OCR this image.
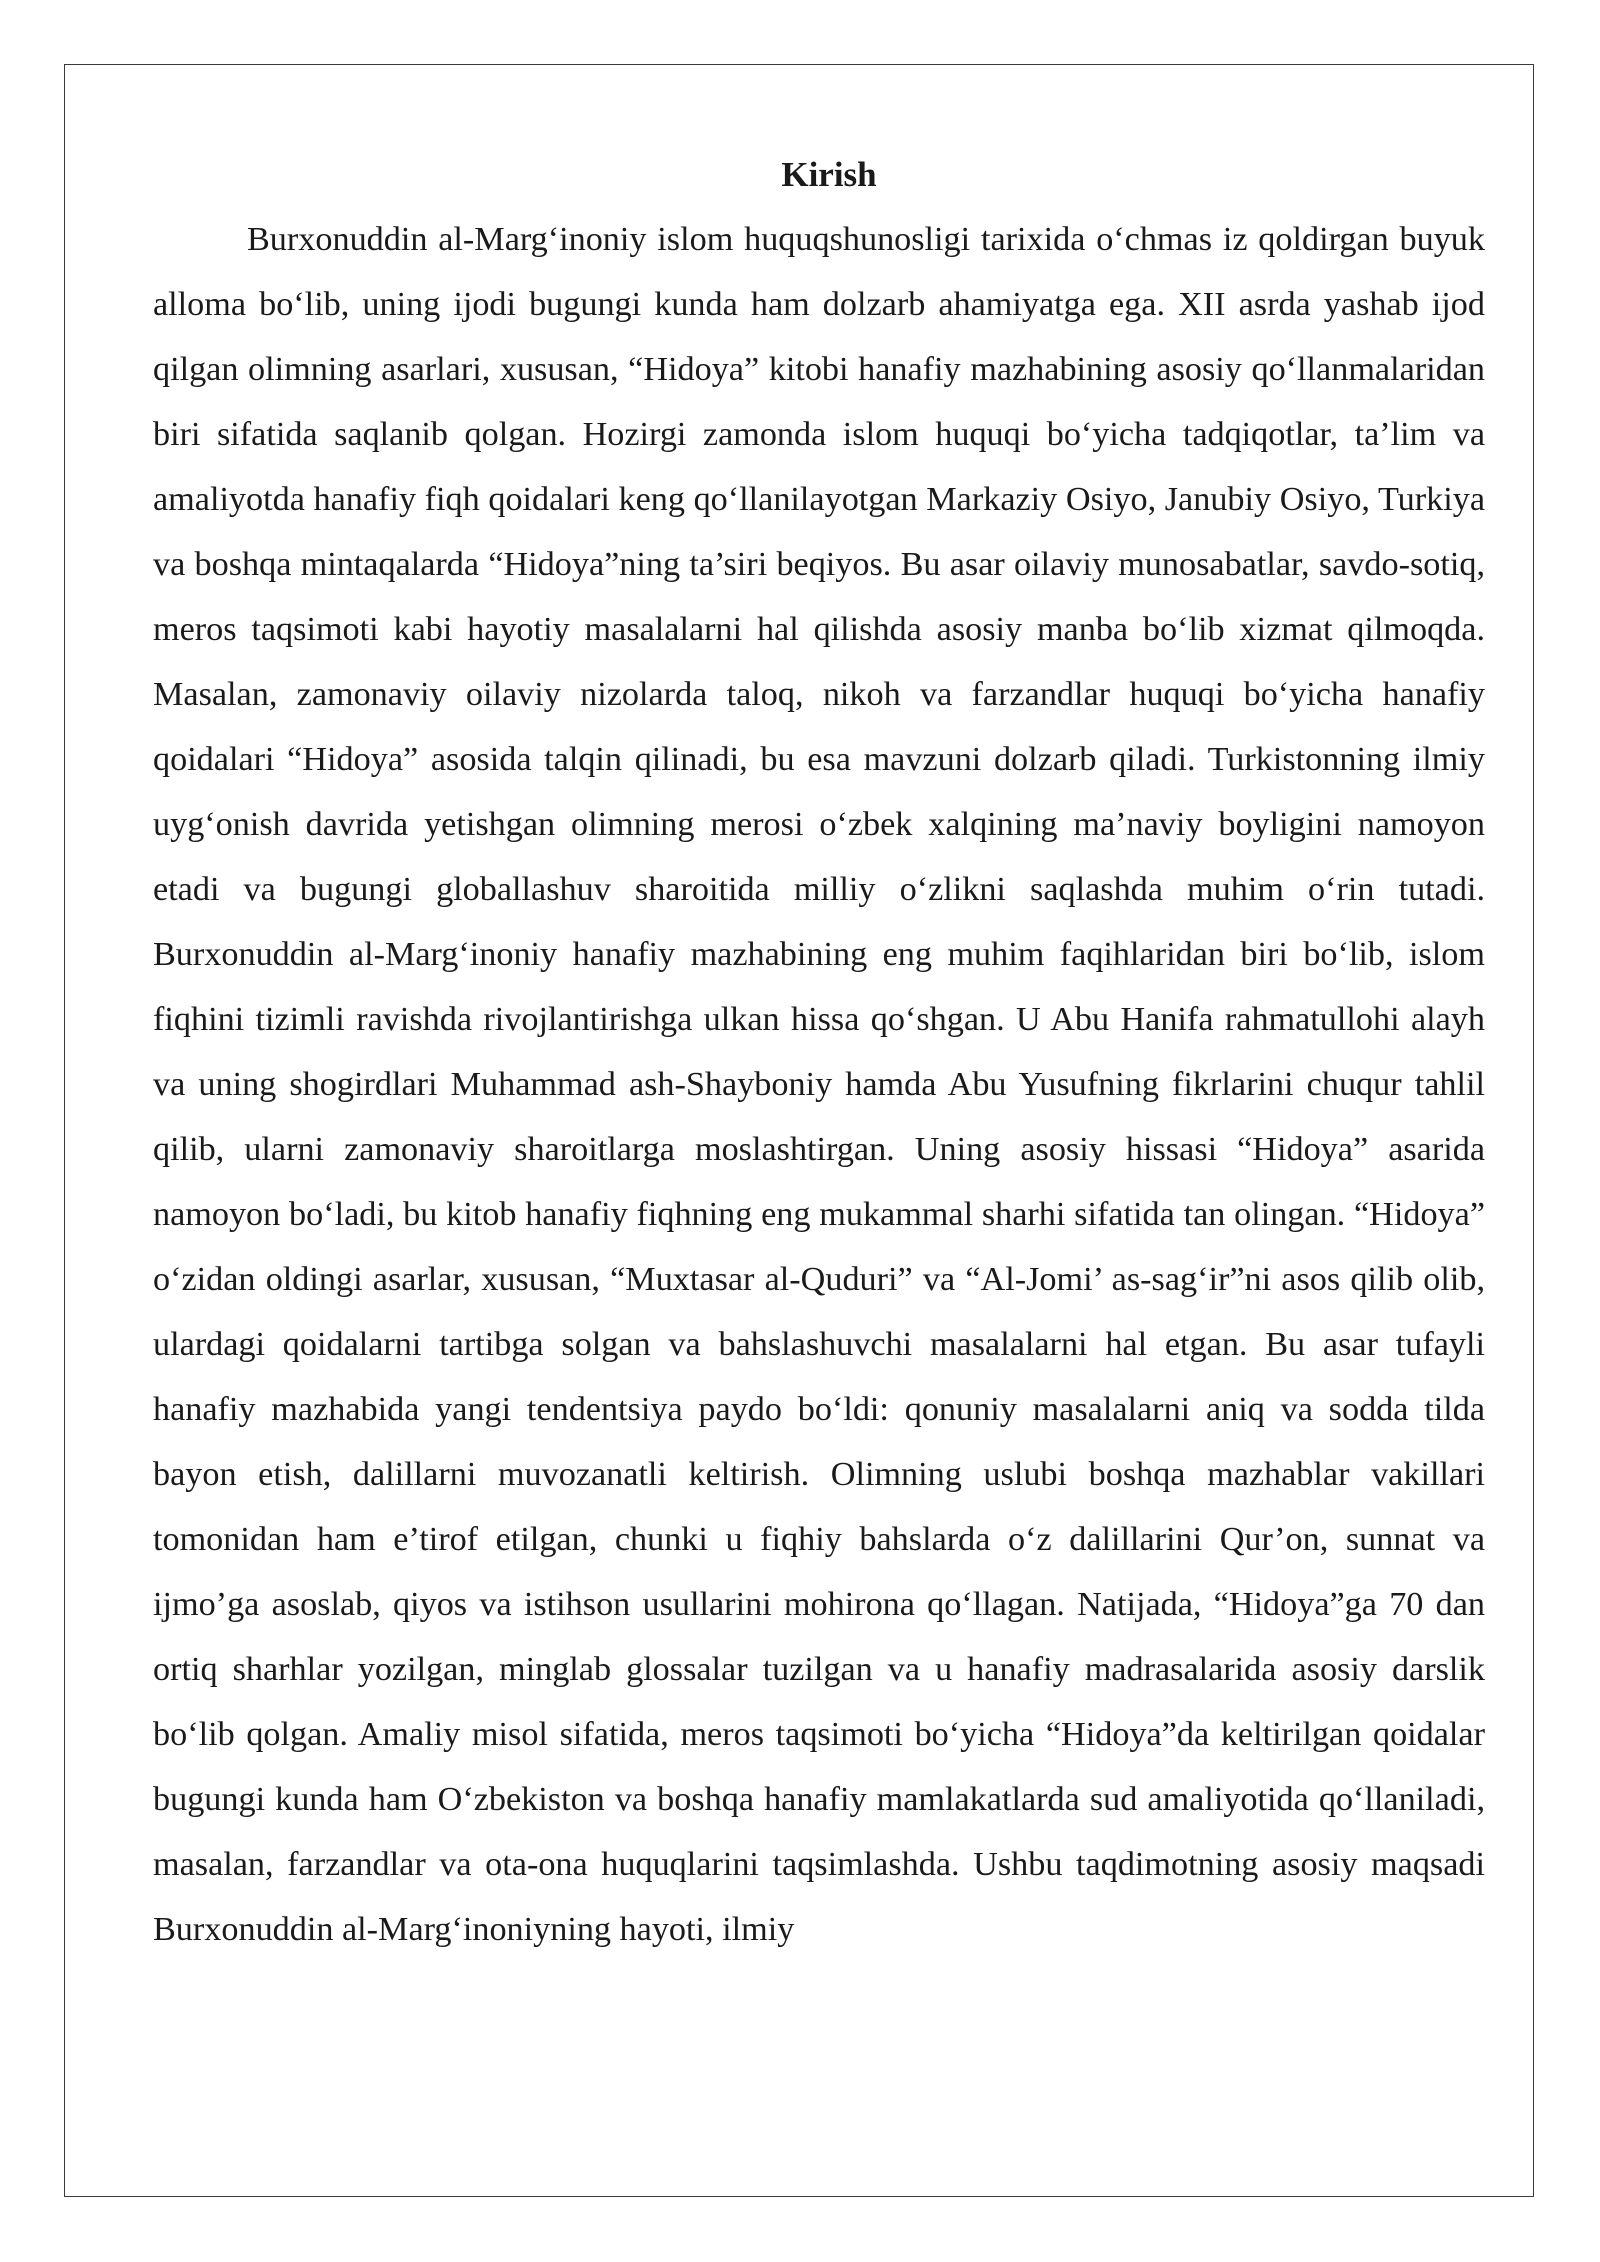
Kirish

Burxonuddin al-Marg‘inoniy islom huquqshunosligi tarixida o‘chmas iz qoldirgan buyuk alloma bo‘lib, uning ijodi bugungi kunda ham dolzarb ahamiyatga ega. XII asrda yashab ijod qilgan olimning asarlari, xususan, “Hidoya” kitobi hanafiy mazhabining asosiy qo‘llanmalaridan biri sifatida saqlanib qolgan. Hozirgi zamonda islom huquqi bo‘yicha tadqiqotlar, ta’lim va amaliyotda hanafiy fiqh qoidalari keng qo‘llanilayotgan Markaziy Osiyo, Janubiy Osiyo, Turkiya va boshqa mintaqalarda “Hidoya”ning ta’siri beqiyos. Bu asar oilaviy munosabatlar, savdo-sotiq, meros taqsimoti kabi hayotiy masalalarni hal qilishda asosiy manba bo‘lib xizmat qilmoqda. Masalan, zamonaviy oilaviy nizolarda taloq, nikoh va farzandlar huquqi bo‘yicha hanafiy qoidalari “Hidoya” asosida talqin qilinadi, bu esa mavzuni dolzarb qiladi. Turkistonning ilmiy uyg‘onish davrida yetishgan olimning merosi o‘zbek xalqining ma’naviy boyligini namoyon etadi va bugungi globallashuv sharoitida milliy o‘zlikni saqlashda muhim o‘rin tutadi. Burxonuddin al-Marg‘inoniy hanafiy mazhabining eng muhim faqihlaridan biri bo‘lib, islom fiqhini tizimli ravishda rivojlantirishga ulkan hissa qo‘shgan. U Abu Hanifa rahmatullohi alayh va uning shogirdlari Muhammad ash-Shayboniy hamda Abu Yusufning fikrlarini chuqur tahlil qilib, ularni zamonaviy sharoitlarga moslashtirgan. Uning asosiy hissasi “Hidoya” asarida namoyon bo‘ladi, bu kitob hanafiy fiqhning eng mukammal sharhi sifatida tan olingan. “Hidoya” o‘zidan oldingi asarlar, xususan, “Muxtasar al-Quduri” va “Al-Jomi’ as-sag‘ir”ni asos qilib olib, ulardagi qoidalarni tartibga solgan va bahslashuvchi masalalarni hal etgan. Bu asar tufayli hanafiy mazhabida yangi tendentsiya paydo bo‘ldi: qonuniy masalalarni aniq va sodda tilda bayon etish, dalillarni muvozanatli keltirish. Olimning uslubi boshqa mazhablar vakillari tomonidan ham e’tirof etilgan, chunki u fiqhiy bahslarda o‘z dalillarini Qur’on, sunnat va ijmo’ga asoslab, qiyos va istihson usullarini mohirona qo‘llagan. Natijada, “Hidoya”ga 70 dan ortiq sharhlar yozilgan, minglab glossalar tuzilgan va u hanafiy madrasalarida asosiy darslik bo‘lib qolgan. Amaliy misol sifatida, meros taqsimoti bo‘yicha “Hidoya”da keltirilgan qoidalar bugungi kunda ham O‘zbekiston va boshqa hanafiy mamlakatlarda sud amaliyotida qo‘llaniladi, masalan, farzandlar va ota-ona huquqlarini taqsimlashda. Ushbu taqdimotning asosiy maqsadi Burxonuddin al-Marg‘inoniyning hayoti, ilmiy
